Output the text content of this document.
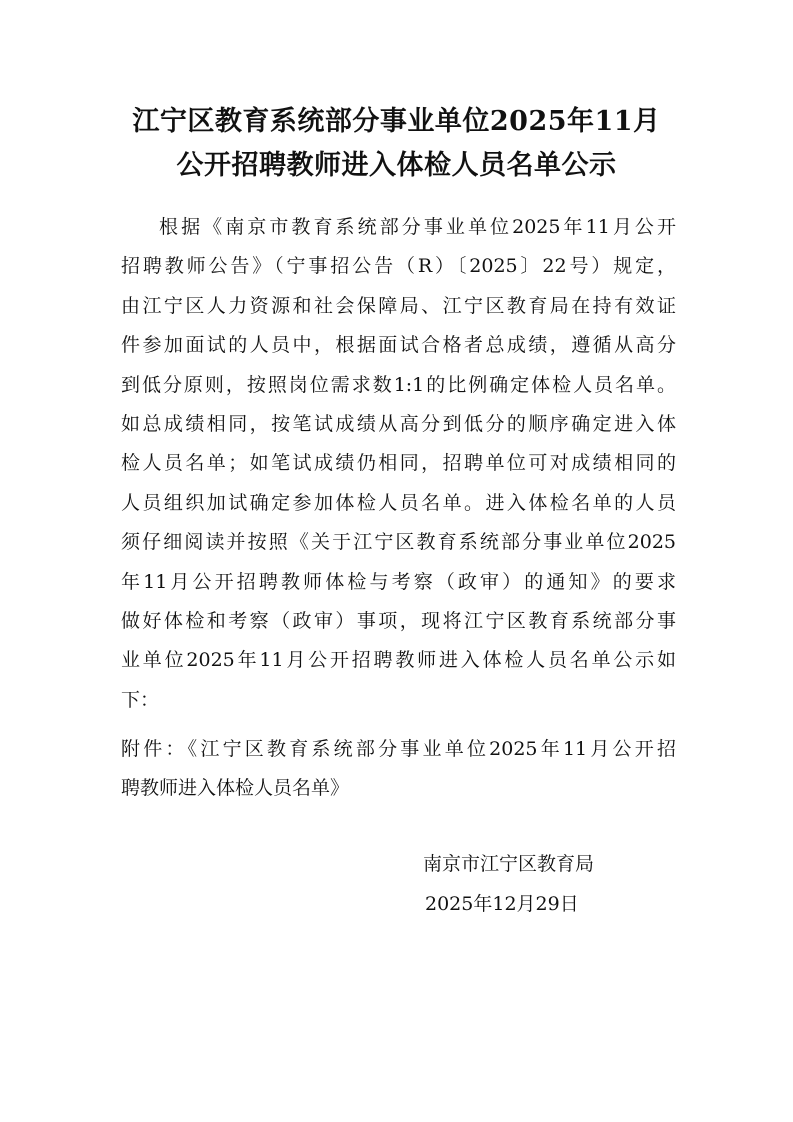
江宁区教育系统部分事业单位2025年11月
公开招聘教师进入体检人员名单公示
根据《南京市教育系统部分事业单位2025年11月公开
招聘教师公告》（宁事招公告（R）〔2025〕22号）规定，
由江宁区人力资源和社会保障局、江宁区教育局在持有效证
件参加面试的人员中，根据面试合格者总成绩，遵循从高分
到低分原则，按照岗位需求数1:1的比例确定体检人员名单。
如总成绩相同，按笔试成绩从高分到低分的顺序确定进入体
检人员名单；如笔试成绩仍相同，招聘单位可对成绩相同的
人员组织加试确定参加体检人员名单。进入体检名单的人员
须仔细阅读并按照《关于江宁区教育系统部分事业单位2025
年11月公开招聘教师体检与考察（政审）的通知》的要求
做好体检和考察（政审）事项，现将江宁区教育系统部分事
业单位2025年11月公开招聘教师进入体检人员名单公示如
下：
附件：《江宁区教育系统部分事业单位2025年11月公开招
聘教师进入体检人员名单》
南京市江宁区教育局
2025年12月29日
